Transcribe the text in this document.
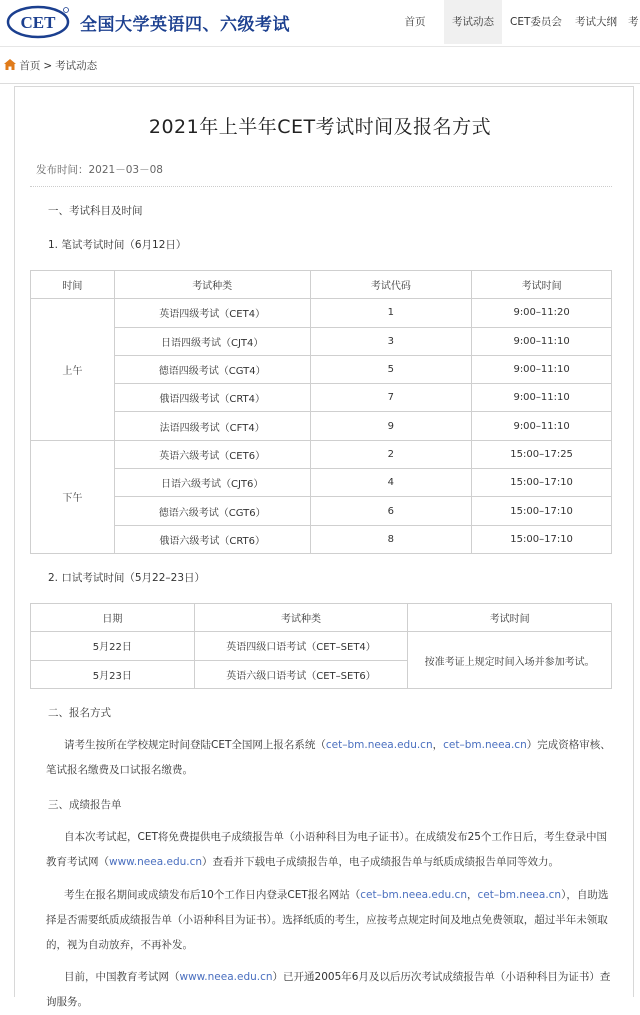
CET 全国大学英语四、六级考试	首页	考试动态	CET委员会	考试大纲	考
首页 > 考试动态
2021年上半年CET考试时间及报名方式
发布时间：2021－03－08
一、考试科目及时间
1. 笔试考试时间（6月12日）
时间	考试种类	考试代码	考试时间
上午	英语四级考试（CET4）	1	9:00–11:20
	日语四级考试（CJT4）	3	9:00–11:10
	德语四级考试（CGT4）	5	9:00–11:10
	俄语四级考试（CRT4）	7	9:00–11:10
	法语四级考试（CFT4）	9	9:00–11:10
下午	英语六级考试（CET6）	2	15:00–17:25
	日语六级考试（CJT6）	4	15:00–17:10
	德语六级考试（CGT6）	6	15:00–17:10
	俄语六级考试（CRT6）	8	15:00–17:10
2. 口试考试时间（5月22–23日）
日期	考试种类	考试时间
5月22日	英语四级口语考试（CET–SET4）	按准考证上规定时间入场并参加考试。
5月23日	英语六级口语考试（CET–SET6）	
二、报名方式
请考生按所在学校规定时间登陆CET全国网上报名系统（cet–bm.neea.edu.cn，cet–bm.neea.cn）完成资格审核、笔试报名缴费及口试报名缴费。
三、成绩报告单
自本次考试起，CET将免费提供电子成绩报告单（小语种科目为电子证书）。在成绩发布25个工作日后，考生登录中国教育考试网（www.neea.edu.cn）查看并下载电子成绩报告单，电子成绩报告单与纸质成绩报告单同等效力。
考生在报名期间或成绩发布后10个工作日内登录CET报名网站（cet–bm.neea.edu.cn，cet–bm.neea.cn），自助选择是否需要纸质成绩报告单（小语种科目为证书）。选择纸质的考生，应按考点规定时间及地点免费领取，超过半年未领取的，视为自动放弃，不再补发。
目前，中国教育考试网（www.neea.edu.cn）已开通2005年6月及以后历次考试成绩报告单（小语种科目为证书）查询服务。
